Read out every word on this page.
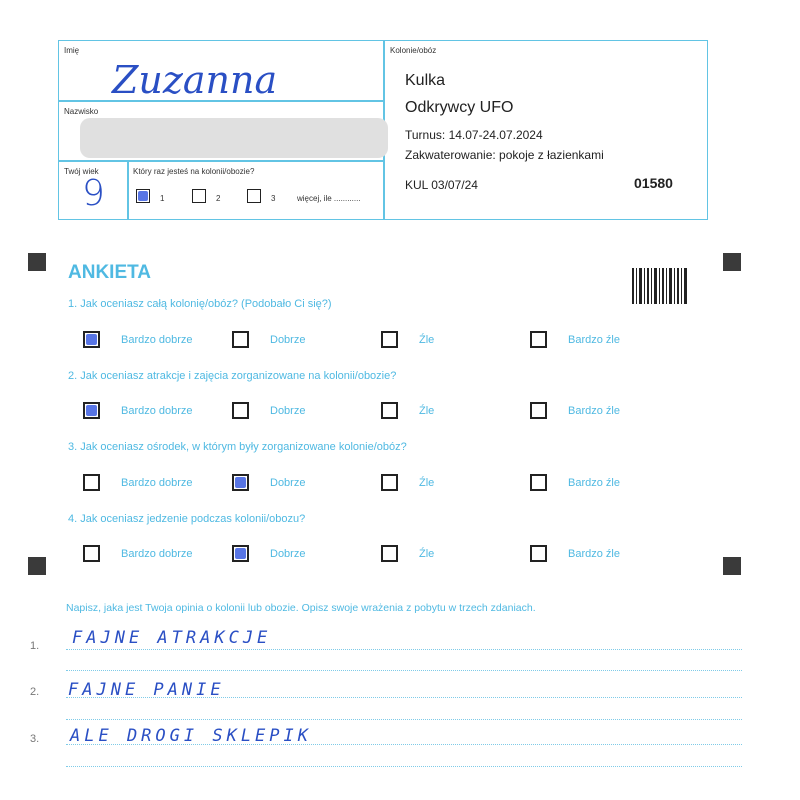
Imię
Zuzanna
Nazwisko
Twój wiek
9
Który raz jesteś na kolonii/obozie?
1	2	3	więcej, ile ............
Kolonie/obóz
Kulka
Odkrywcy UFO
Turnus: 14.07-24.07.2024
Zakwaterowanie: pokoje z łazienkami
KUL 03/07/24	01580
ANKIETA
1. Jak oceniasz całą kolonię/obóz? (Podobało Ci się?)
Bardzo dobrze	Dobrze	Źle	Bardzo źle
2. Jak oceniasz atrakcje i zajęcia zorganizowane na kolonii/obozie?
Bardzo dobrze	Dobrze	Źle	Bardzo źle
3. Jak oceniasz ośrodek, w którym były zorganizowane kolonie/obóz?
Bardzo dobrze	Dobrze	Źle	Bardzo źle
4. Jak oceniasz jedzenie podczas kolonii/obozu?
Bardzo dobrze	Dobrze	Źle	Bardzo źle
Napisz, jaka jest Twoja opinia o kolonii lub obozie. Opisz swoje wrażenia z pobytu w trzech zdaniach.
1. FAJNE ATRAKCJE
2. FAJNE PANIE
3. ALE DROGI SKLEPIK
